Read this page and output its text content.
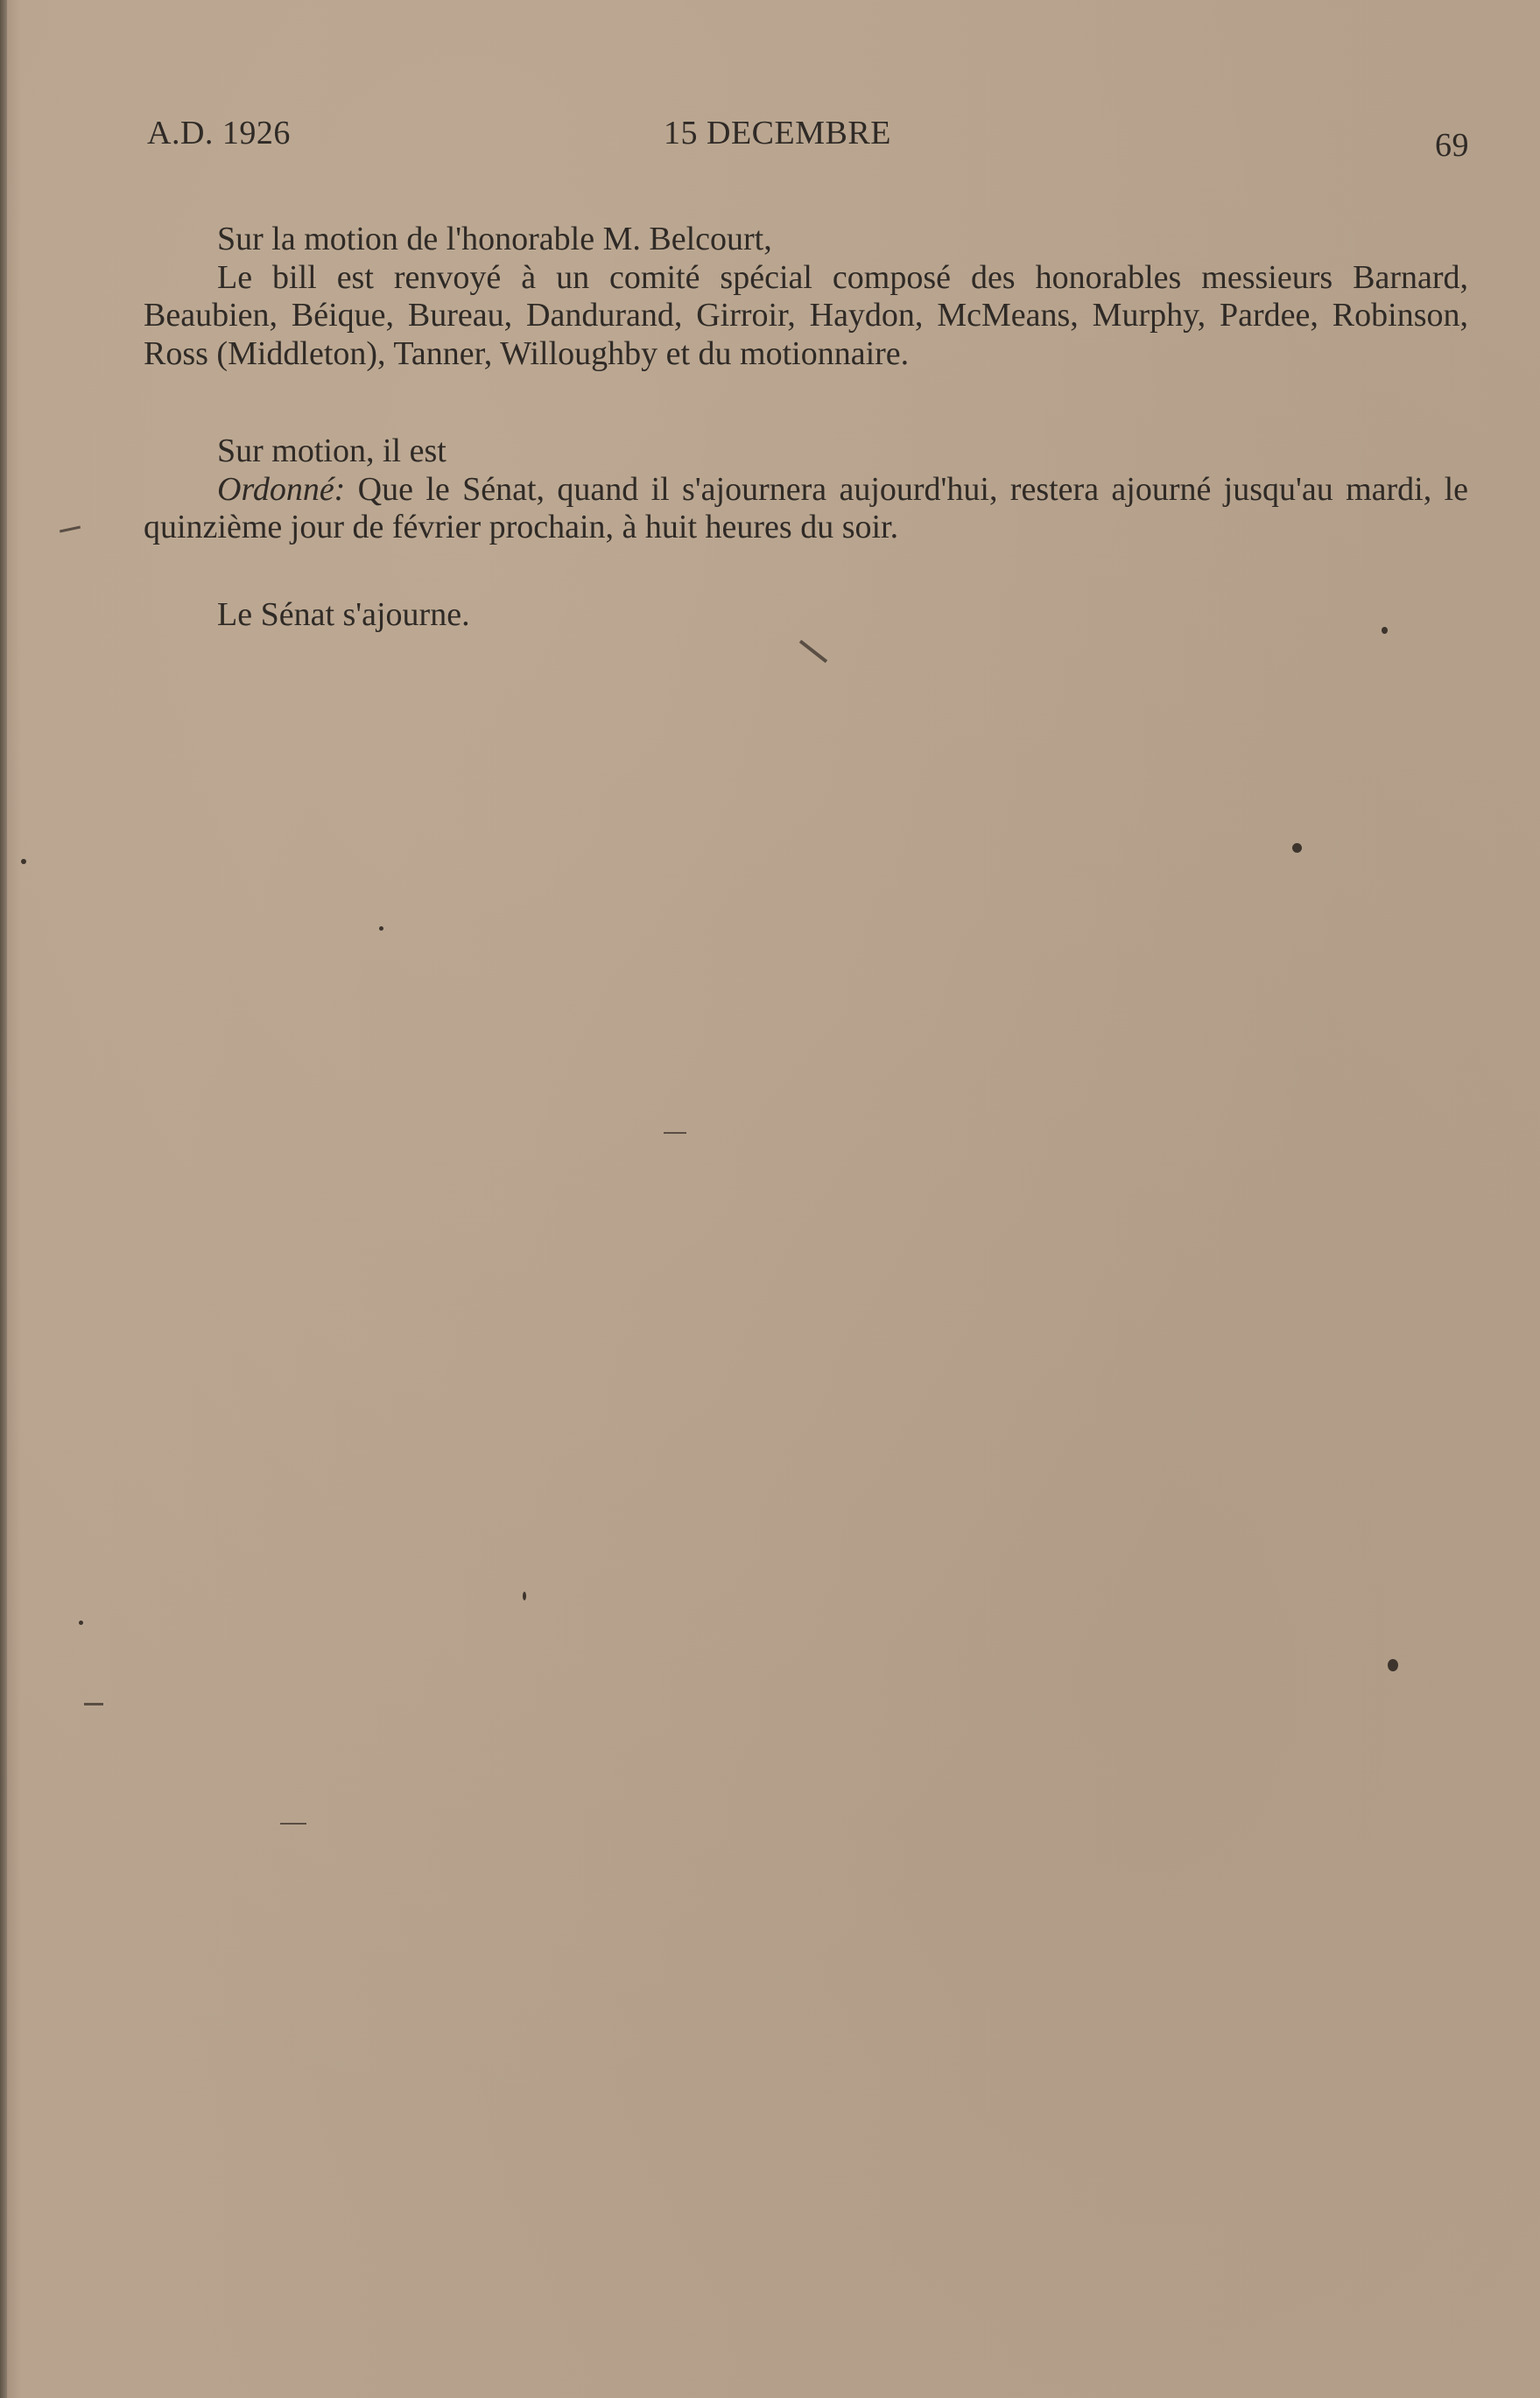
A.D. 1926	15 DECEMBRE	69

Sur la motion de l'honorable M. Belcourt,

Le bill est renvoyé à un comité spécial composé des honorables messieurs Barnard, Beaubien, Béique, Bureau, Dandurand, Girroir, Haydon, McMeans, Murphy, Pardee, Robinson, Ross (Middleton), Tanner, Willoughby et du motionnaire.

Sur motion, il est

Ordonné: Que le Sénat, quand il s'ajournera aujourd'hui, restera ajourné jusqu'au mardi, le quinzième jour de février prochain, à huit heures du soir.

Le Sénat s'ajourne.
